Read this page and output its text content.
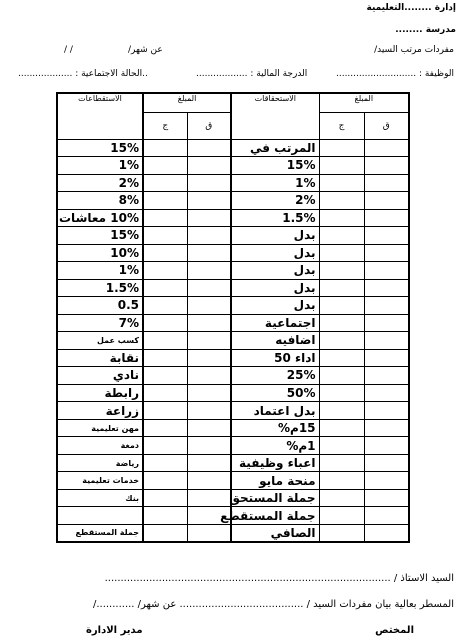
إدارة ........التعليمية
مدرسة ........
مفردات مرتب السيد/
عن شهر/
/ /
الوظيفة : ............................
الدرجة المالية : ..................
..الحالة الاجتماعية : ...................
الاستقطاعات	المبلغ		الاستحقاقات	المبلغ	
	ج	ق		ج	ق
15%			المرتب في		
1%			15%		
2%			1%		
8%			2%		
10% معاشات			1.5%		
15%			بدل		
10%			بدل		
1%			بدل		
1.5%			بدل		
0.5			بدل		
7%			اجتماعية		
كسب عمل			اضافيه		
نقابة			اداء 50		
نادي			25%		
رابطة			50%		
زراعة			بدل اعتماد		
مهن تعليمية			15م%		
دمغة			1م%		
رياضة			اعباء وظيفية		
خدمات تعليمية			منحة مايو		
بنك			جملة المستحق		
			جملة المستقطع		
جملة المستقطع			الصافي		
السيد الاستاذ / ..........................................................................................
المسطر بعالية بيان مفردات السيد / ....................................... عن شهر/ ............/
المختص
مدير الادارة
